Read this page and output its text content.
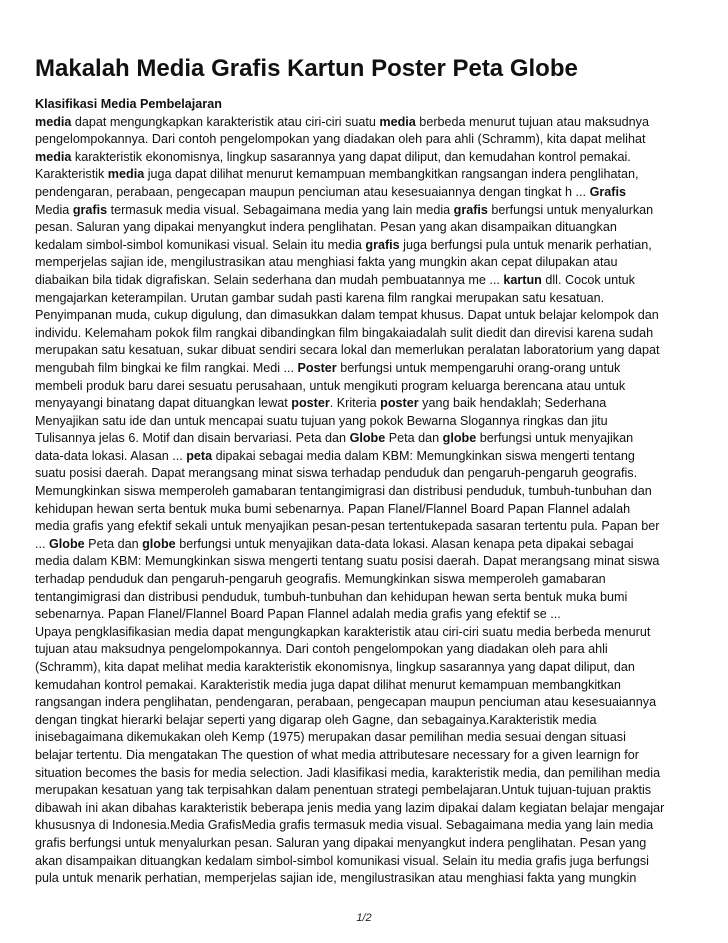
Makalah Media Grafis Kartun Poster Peta Globe
Klasifikasi Media Pembelajaran
media dapat mengungkapkan karakteristik atau ciri-ciri suatu media berbeda menurut tujuan atau maksudnya
pengelompokannya. Dari contoh pengelompokan yang diadakan oleh para ahli (Schramm), kita dapat melihat
media karakteristik ekonomisnya, lingkup sasarannya yang dapat diliput, dan kemudahan kontrol pemakai.
Karakteristik media juga dapat dilihat menurut kemampuan membangkitkan rangsangan indera penglihatan,
pendengaran, perabaan, pengecapan maupun penciuman atau kesesuaiannya dengan tingkat h ... Grafis
Media grafis termasuk media visual. Sebagaimana media yang lain media grafis berfungsi untuk menyalurkan
pesan. Saluran yang dipakai menyangkut indera penglihatan. Pesan yang akan disampaikan dituangkan
kedalam simbol-simbol komunikasi visual. Selain itu media grafis juga berfungsi pula untuk menarik perhatian,
memperjelas sajian ide, mengilustrasikan atau menghiasi fakta yang mungkin akan cepat dilupakan atau
diabaikan bila tidak digrafiskan. Selain sederhana dan mudah pembuatannya me ... kartun dll. Cocok untuk
mengajarkan keterampilan. Urutan gambar sudah pasti karena film rangkai merupakan satu kesatuan.
Penyimpanan muda, cukup digulung, dan dimasukkan dalam tempat khusus. Dapat untuk belajar kelompok dan
individu. Kelemaham pokok film rangkai dibandingkan film bingakaiadalah sulit diedit dan direvisi karena sudah
merupakan satu kesatuan, sukar dibuat sendiri secara lokal dan memerlukan peralatan laboratorium yang dapat
mengubah film bingkai ke film rangkai. Medi ... Poster berfungsi untuk mempengaruhi orang-orang untuk
membeli produk baru darei sesuatu perusahaan, untuk mengikuti program keluarga berencana atau untuk
menyayangi binatang dapat dituangkan lewat poster. Kriteria poster yang baik hendaklah; Sederhana
Menyajikan satu ide dan untuk mencapai suatu tujuan yang pokok Bewarna Slogannya ringkas dan jitu
Tulisannya jelas 6. Motif dan disain bervariasi. Peta dan Globe Peta dan globe berfungsi untuk menyajikan
data-data lokasi. Alasan ... peta dipakai sebagai media dalam KBM: Memungkinkan siswa mengerti tentang
suatu posisi daerah. Dapat merangsang minat siswa terhadap penduduk dan pengaruh-pengaruh geografis.
Memungkinkan siswa memperoleh gamabaran tentangimigrasi dan distribusi penduduk, tumbuh-tunbuhan dan
kehidupan hewan serta bentuk muka bumi sebenarnya. Papan Flanel/Flannel Board Papan Flannel adalah
media grafis yang efektif sekali untuk menyajikan pesan-pesan tertentukepada sasaran tertentu pula. Papan ber
... Globe Peta dan globe berfungsi untuk menyajikan data-data lokasi. Alasan kenapa peta dipakai sebagai
media dalam KBM: Memungkinkan siswa mengerti tentang suatu posisi daerah. Dapat merangsang minat siswa
terhadap penduduk dan pengaruh-pengaruh geografis. Memungkinkan siswa memperoleh gamabaran
tentangimigrasi dan distribusi penduduk, tumbuh-tunbuhan dan kehidupan hewan serta bentuk muka bumi
sebenarnya. Papan Flanel/Flannel Board Papan Flannel adalah media grafis yang efektif se ...
Upaya pengklasifikasian media dapat mengungkapkan karakteristik atau ciri-ciri suatu media berbeda menurut
tujuan atau maksudnya pengelompokannya. Dari contoh pengelompokan yang diadakan oleh para ahli
(Schramm), kita dapat melihat media karakteristik ekonomisnya, lingkup sasarannya yang dapat diliput, dan
kemudahan kontrol pemakai. Karakteristik media juga dapat dilihat menurut kemampuan membangkitkan
rangsangan indera penglihatan, pendengaran, perabaan, pengecapan maupun penciuman atau kesesuaiannya
dengan tingkat hierarki belajar seperti yang digarap oleh Gagne, dan sebagainya.Karakteristik media
inisebagaimana dikemukakan oleh Kemp (1975) merupakan dasar pemilihan media sesuai dengan situasi
belajar tertentu. Dia mengatakan The question of what media attributesare necessary for a given learnign for
situation becomes the basis for media selection. Jadi klasifikasi media, karakteristik media, dan pemilihan media
merupakan kesatuan yang tak terpisahkan dalam penentuan strategi pembelajaran.Untuk tujuan-tujuan praktis
dibawah ini akan dibahas karakteristik beberapa jenis media yang lazim dipakai dalam kegiatan belajar mengajar
khususnya di Indonesia.Media GrafisMedia grafis termasuk media visual. Sebagaimana media yang lain media
grafis berfungsi untuk menyalurkan pesan. Saluran yang dipakai menyangkut indera penglihatan. Pesan yang
akan disampaikan dituangkan kedalam simbol-simbol komunikasi visual. Selain itu media grafis juga berfungsi
pula untuk menarik perhatian, memperjelas sajian ide, mengilustrasikan atau menghiasi fakta yang mungkin
1/2
